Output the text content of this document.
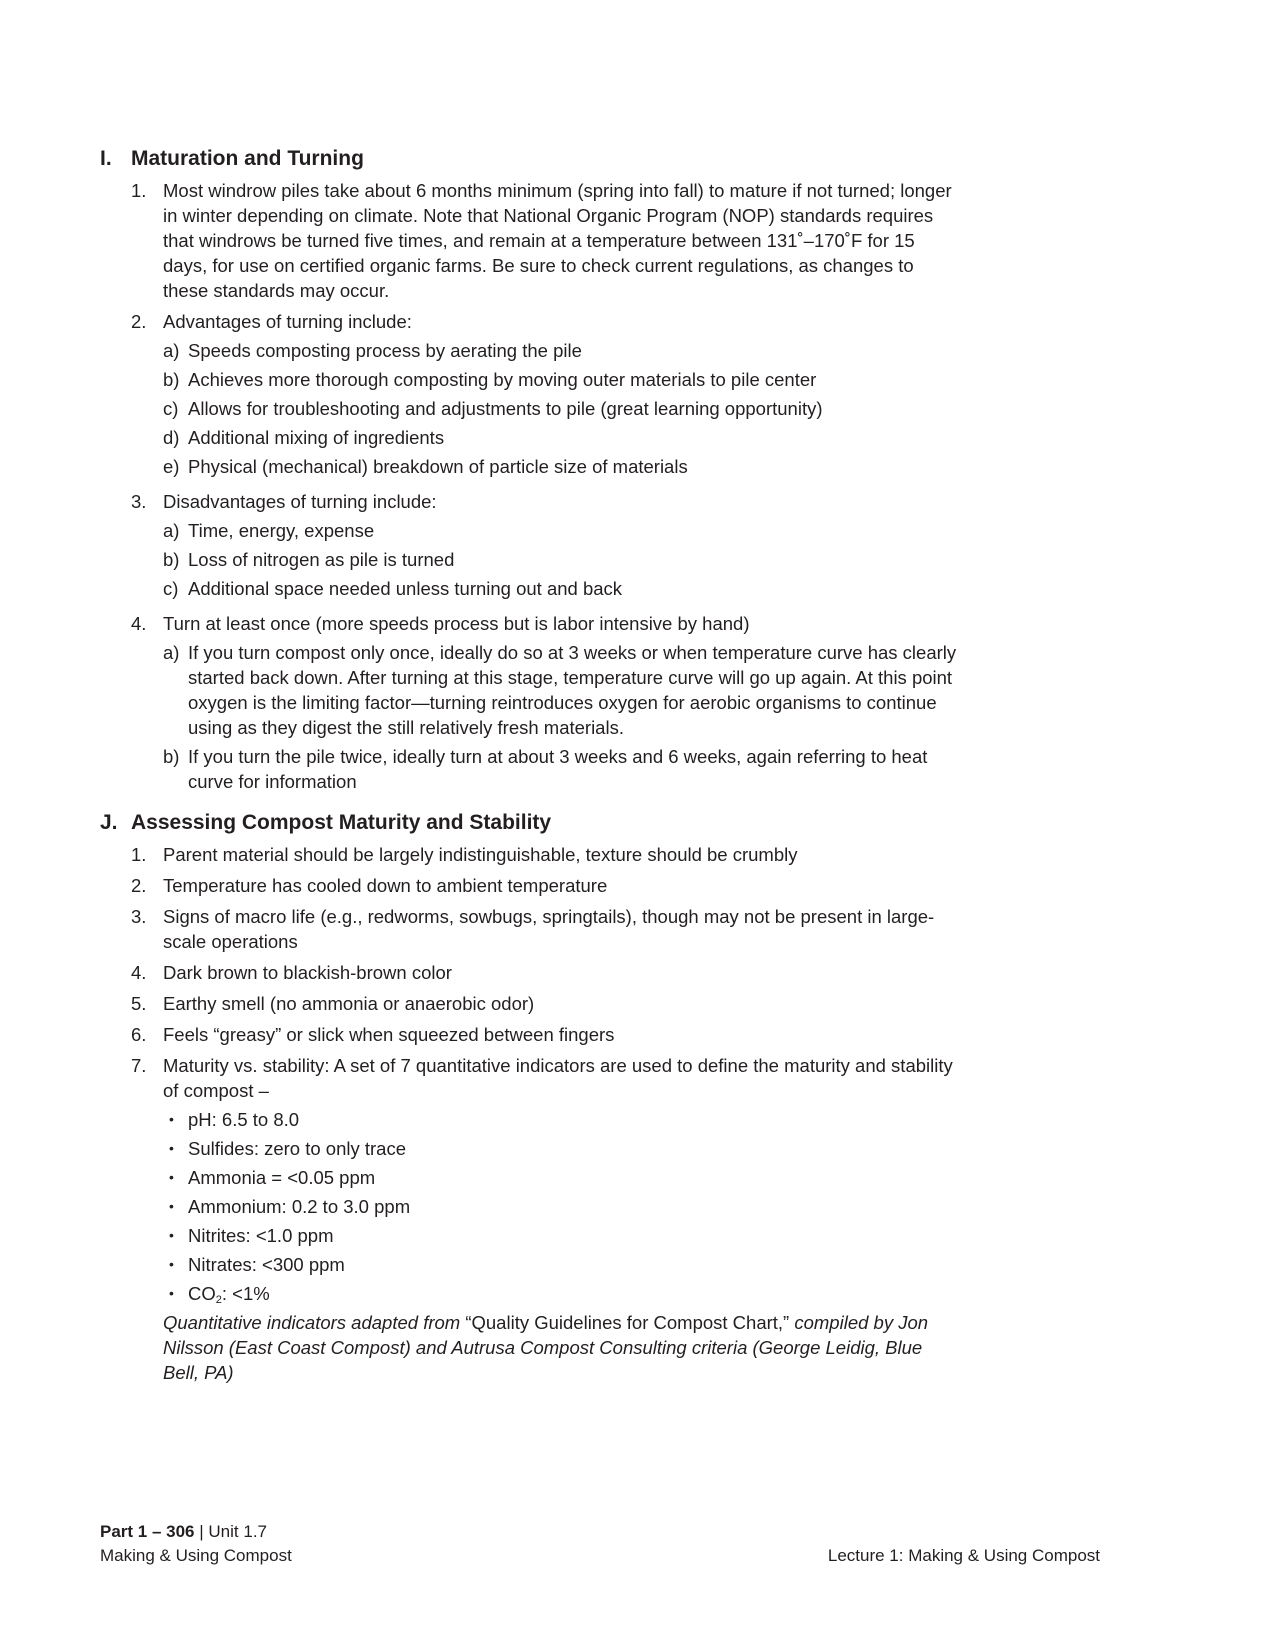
I. Maturation and Turning
1. Most windrow piles take about 6 months minimum (spring into fall) to mature if not turned; longer in winter depending on climate. Note that National Organic Program (NOP) standards requires that windrows be turned five times, and remain at a temperature between 131˚–170˚F for 15 days, for use on certified organic farms. Be sure to check current regulations, as changes to these standards may occur.
2. Advantages of turning include:
a) Speeds composting process by aerating the pile
b) Achieves more thorough composting by moving outer materials to pile center
c) Allows for troubleshooting and adjustments to pile (great learning opportunity)
d) Additional mixing of ingredients
e) Physical (mechanical) breakdown of particle size of materials
3. Disadvantages of turning include:
a) Time, energy, expense
b) Loss of nitrogen as pile is turned
c) Additional space needed unless turning out and back
4. Turn at least once (more speeds process but is labor intensive by hand)
a) If you turn compost only once, ideally do so at 3 weeks or when temperature curve has clearly started back down. After turning at this stage, temperature curve will go up again. At this point oxygen is the limiting factor—turning reintroduces oxygen for aerobic organisms to continue using as they digest the still relatively fresh materials.
b) If you turn the pile twice, ideally turn at about 3 weeks and 6 weeks, again referring to heat curve for information
J. Assessing Compost Maturity and Stability
1. Parent material should be largely indistinguishable, texture should be crumbly
2. Temperature has cooled down to ambient temperature
3. Signs of macro life (e.g., redworms, sowbugs, springtails), though may not be present in large-scale operations
4. Dark brown to blackish-brown color
5. Earthy smell (no ammonia or anaerobic odor)
6. Feels “greasy” or slick when squeezed between fingers
7. Maturity vs. stability: A set of 7 quantitative indicators are used to define the maturity and stability of compost –
• pH: 6.5 to 8.0
• Sulfides: zero to only trace
• Ammonia = <0.05 ppm
• Ammonium: 0.2 to 3.0 ppm
• Nitrites: <1.0 ppm
• Nitrates: <300 ppm
• $CO_2$: <1%
Quantitative indicators adapted from “Quality Guidelines for Compost Chart,” compiled by Jon Nilsson (East Coast Compost) and Autrusa Compost Consulting criteria (George Leidig, Blue Bell, PA)
Part 1 – 306 | Unit 1.7
Making & Using Compost	Lecture 1: Making & Using Compost
